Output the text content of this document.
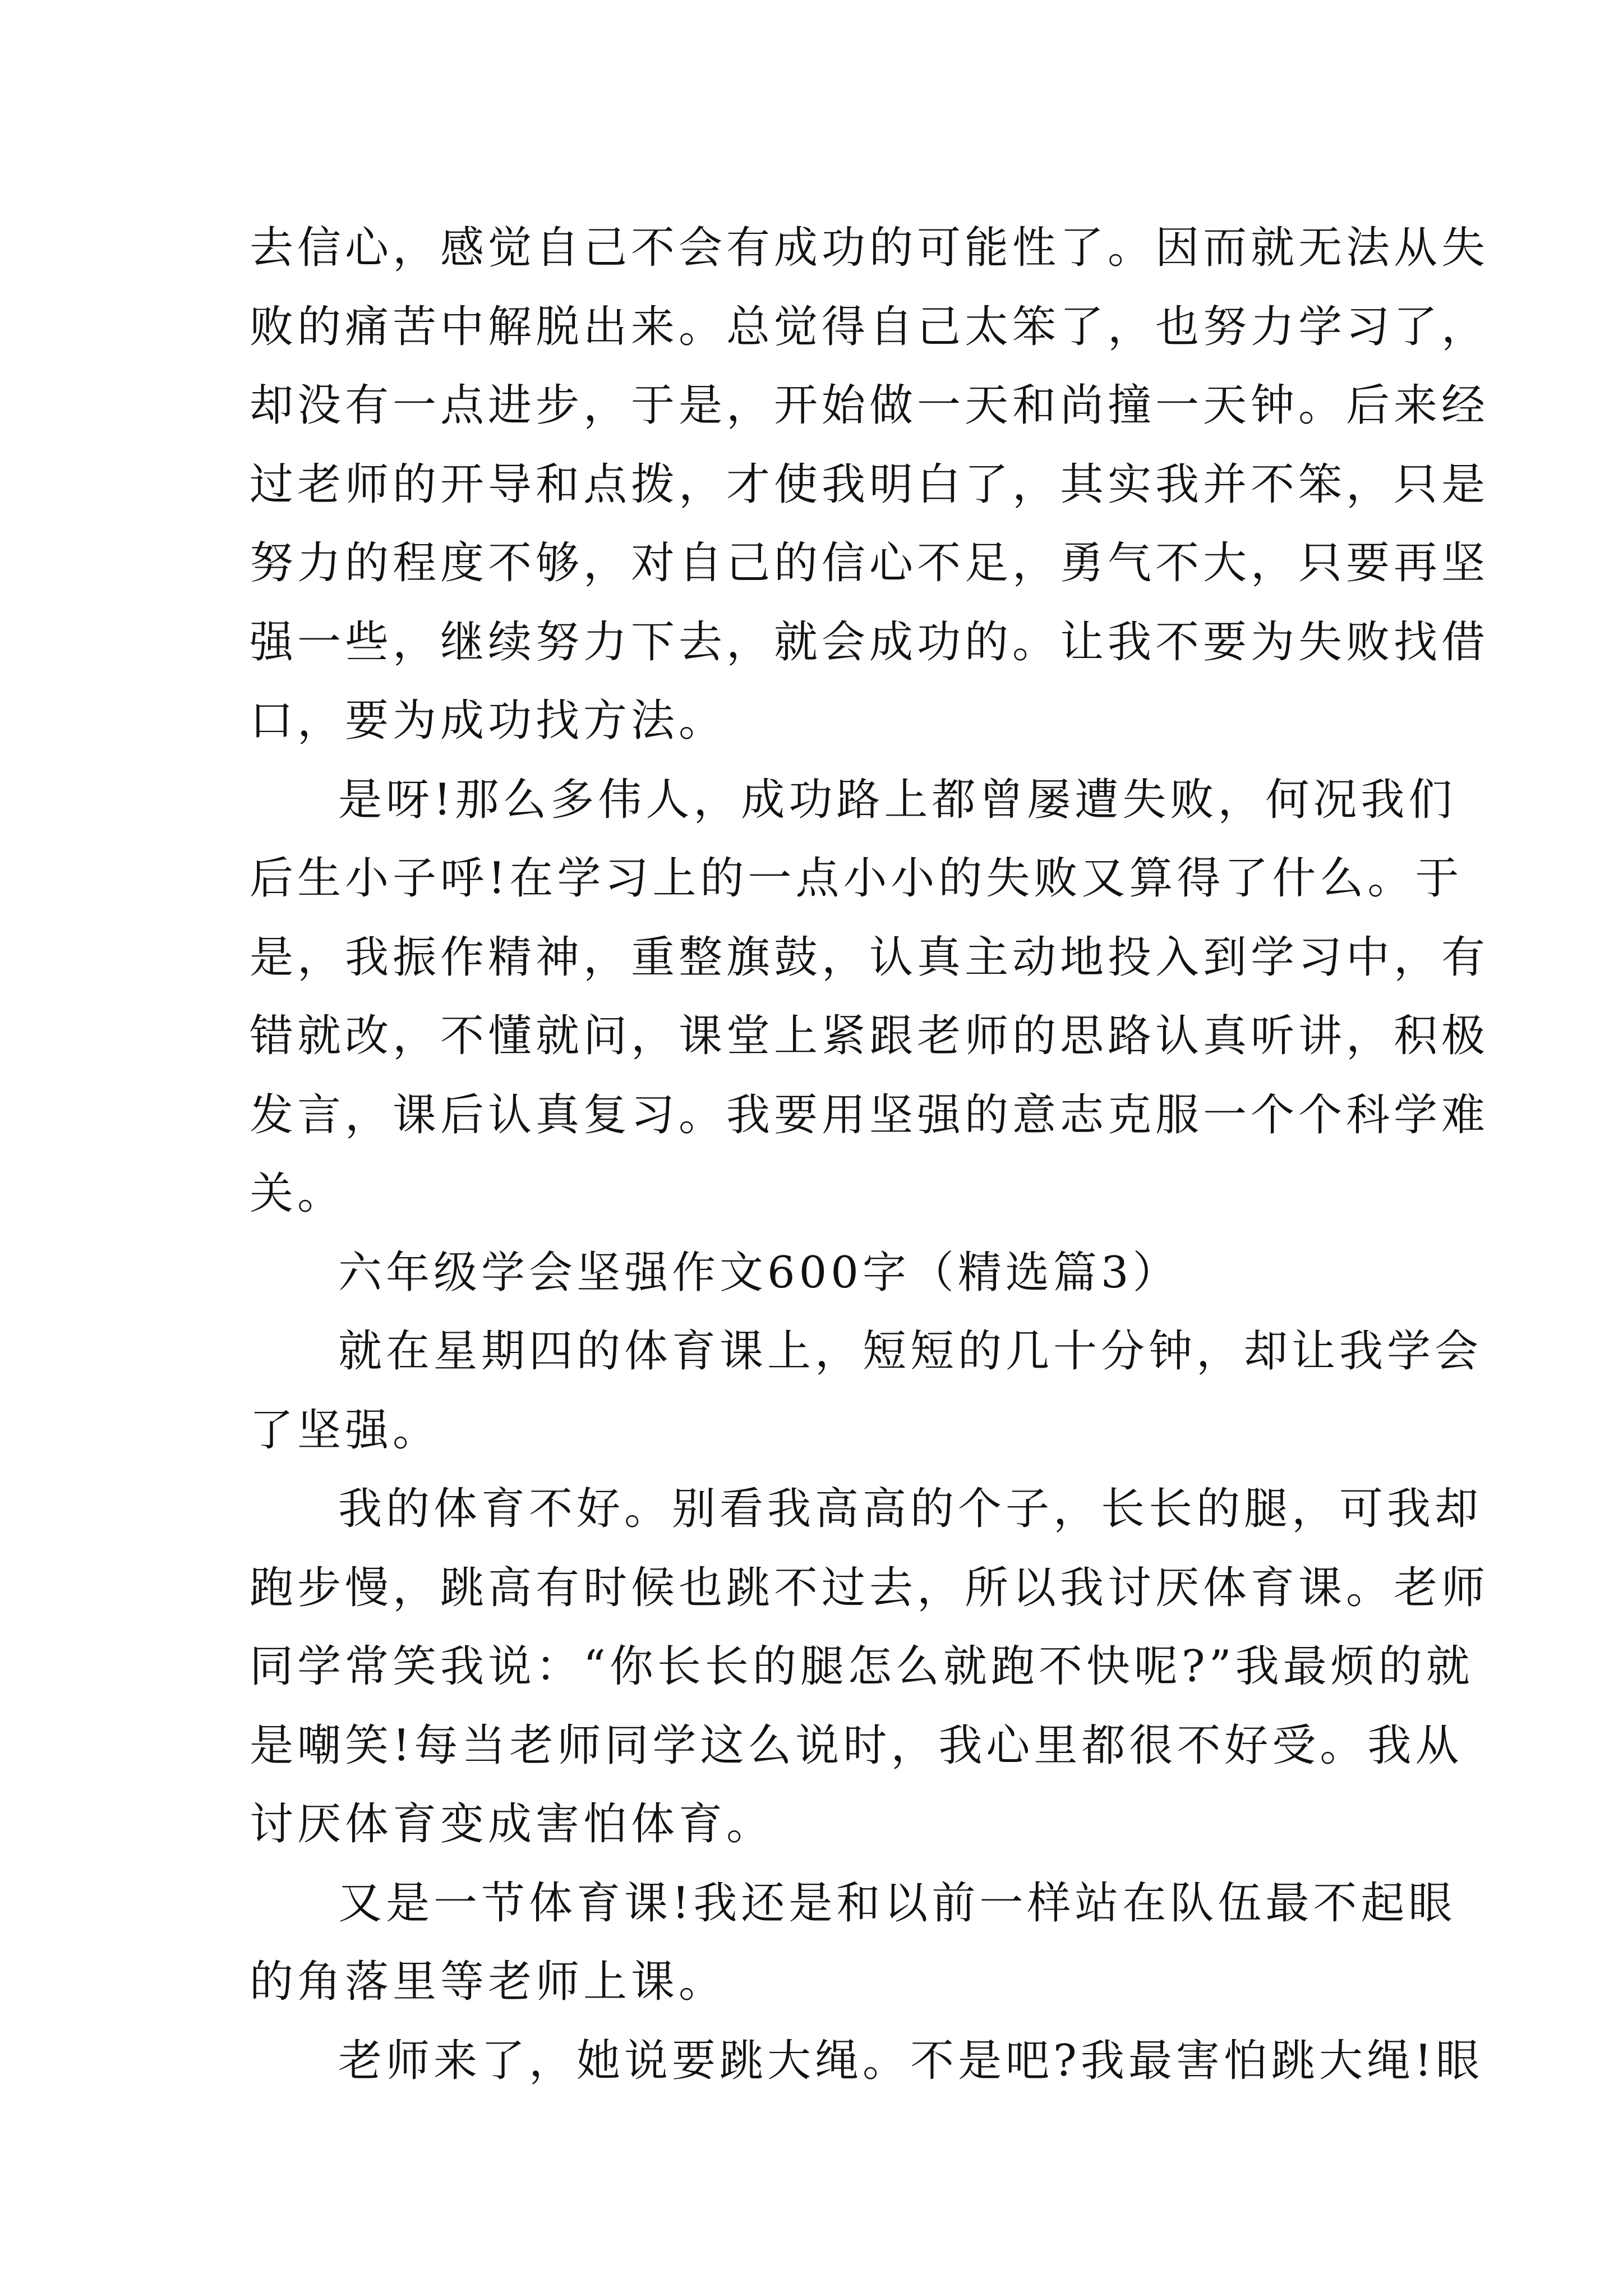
去信心，感觉自己不会有成功的可能性了。因而就无法从失
败的痛苦中解脱出来。总觉得自己太笨了，也努力学习了，
却没有一点进步，于是，开始做一天和尚撞一天钟。后来经
过老师的开导和点拨，才使我明白了，其实我并不笨，只是
努力的程度不够，对自己的信心不足，勇气不大，只要再坚
强一些，继续努力下去，就会成功的。让我不要为失败找借
口，要为成功找方法。
是呀!那么多伟人，成功路上都曾屡遭失败，何况我们
后生小子呼!在学习上的一点小小的失败又算得了什么。于
是，我振作精神，重整旗鼓，认真主动地投入到学习中，有
错就改，不懂就问，课堂上紧跟老师的思路认真听讲，积极
发言，课后认真复习。我要用坚强的意志克服一个个科学难
关。
六年级学会坚强作文600字（精选篇3）
就在星期四的体育课上，短短的几十分钟，却让我学会
了坚强。
我的体育不好。别看我高高的个子，长长的腿，可我却
跑步慢，跳高有时候也跳不过去，所以我讨厌体育课。老师
同学常笑我说：“你长长的腿怎么就跑不快呢?”我最烦的就
是嘲笑!每当老师同学这么说时，我心里都很不好受。我从
讨厌体育变成害怕体育。
又是一节体育课!我还是和以前一样站在队伍最不起眼
的角落里等老师上课。
老师来了，她说要跳大绳。不是吧?我最害怕跳大绳!眼
